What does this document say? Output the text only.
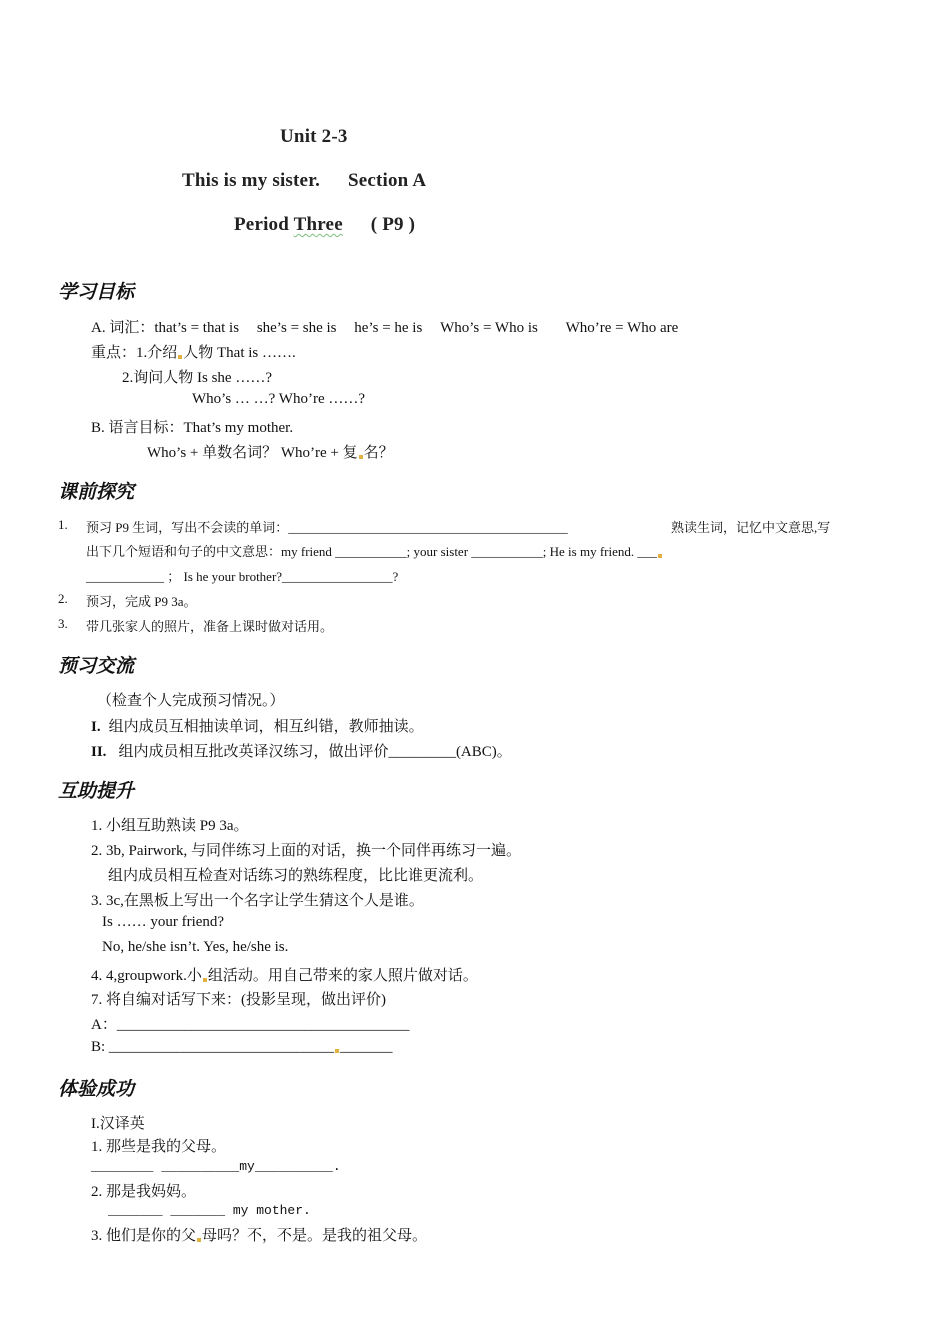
Unit 2-3
This is my sister. Section A
Period Three ( P9 )
学习目标
A. 词汇：that’s = that is she’s = she is he’s = he is Who’s = Who is Who’re = Who are
重点：1.介绍 人物 That is …….
2.询问人物 Is she ……?
Who’s … …? Who’re ……?
B. 语言目标：That’s my mother.
Who’s + 单数名词？ Who’re + 复 名？
课前探究
1. 预习 P9 生词，写出不会读的单词：___________________________________________	熟读生词，记忆中文意思,写
出下几个短语和句子的中文意思：my friend ___________; your sister ___________; He is my friend. ___
____________ ； Is he your brother?_________________?
2. 预习，完成 P9 3a。
3. 带几张家人的照片，准备上课时做对话用。
预习交流
（检查个人完成预习情况。）
I. 组内成员互相抽读单词，相互纠错，教师抽读。
II. 组内成员相互批改英译汉练习，做出评价_________(ABC)。
互助提升
1. 小组互助熟读 P9 3a。
2. 3b, Pairwork, 与同伴练习上面的对话，换一个同伴再练习一遍。
组内成员相互检查对话练习的熟练程度，比比谁更流利。
3. 3c,在黑板上写出一个名字让学生猜这个人是谁。
Is …… your friend?
No, he/she isn’t. Yes, he/she is.
4. 4,groupwork.小 组活动。用自己带来的家人照片做对话。
7. 将自编对话写下来：(投影呈现，做出评价)
A：_______________________________________
B: ______________________________ _______
体验成功
I.汉译英
1. 那些是我的父母。
________ __________my__________.
2. 那是我妈妈。
_______ _______ my mother.
3. 他们是你的父 母吗？不，不是。是我的祖父母。
